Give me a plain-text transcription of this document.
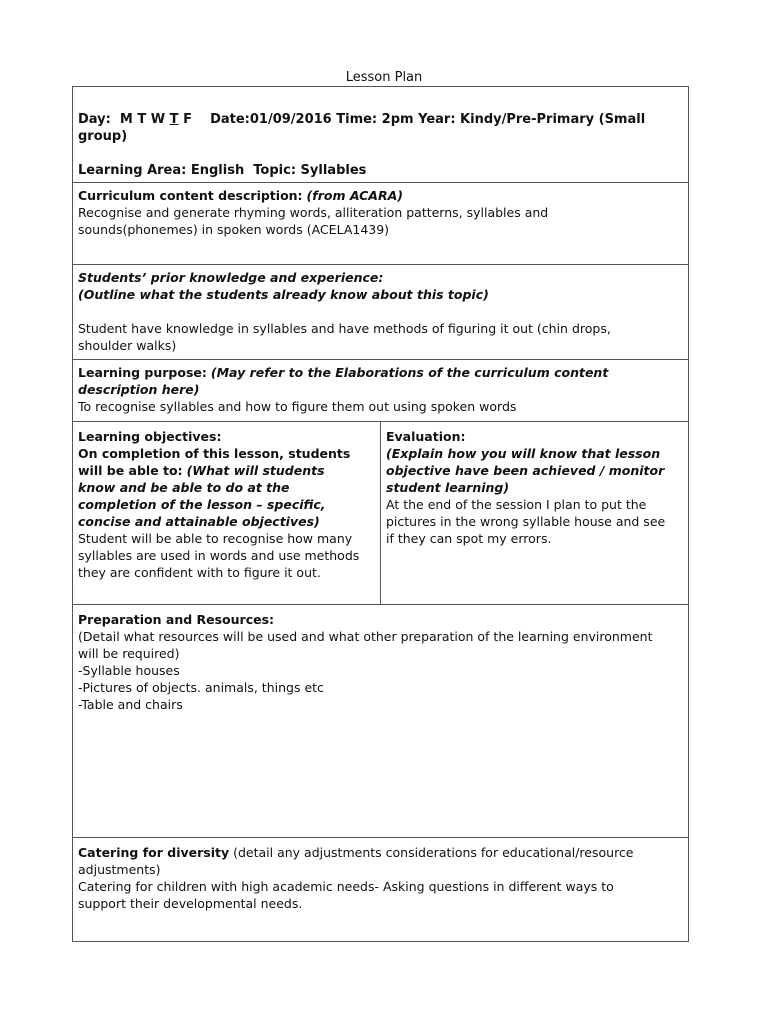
Lesson Plan
Day: M T W T F Date:01/09/2016 Time: 2pm Year: Kindy/Pre-Primary (Small
group)
Learning Area: English Topic: Syllables
Curriculum content description: (from ACARA)
Recognise and generate rhyming words, alliteration patterns, syllables and
sounds(phonemes) in spoken words (ACELA1439)
Students’ prior knowledge and experience:
(Outline what the students already know about this topic)
Student have knowledge in syllables and have methods of figuring it out (chin drops,
shoulder walks)
Learning purpose: (May refer to the Elaborations of the curriculum content
description here)
To recognise syllables and how to figure them out using spoken words
Learning objectives:
On completion of this lesson, students
will be able to: (What will students
know and be able to do at the
completion of the lesson – specific,
concise and attainable objectives)
Student will be able to recognise how many
syllables are used in words and use methods
they are confident with to figure it out.
Evaluation:
(Explain how you will know that lesson
objective have been achieved / monitor
student learning)
At the end of the session I plan to put the
pictures in the wrong syllable house and see
if they can spot my errors.
Preparation and Resources:
(Detail what resources will be used and what other preparation of the learning environment
will be required)
-Syllable houses
-Pictures of objects. animals, things etc
-Table and chairs
Catering for diversity (detail any adjustments considerations for educational/resource
adjustments)
Catering for children with high academic needs- Asking questions in different ways to
support their developmental needs.
